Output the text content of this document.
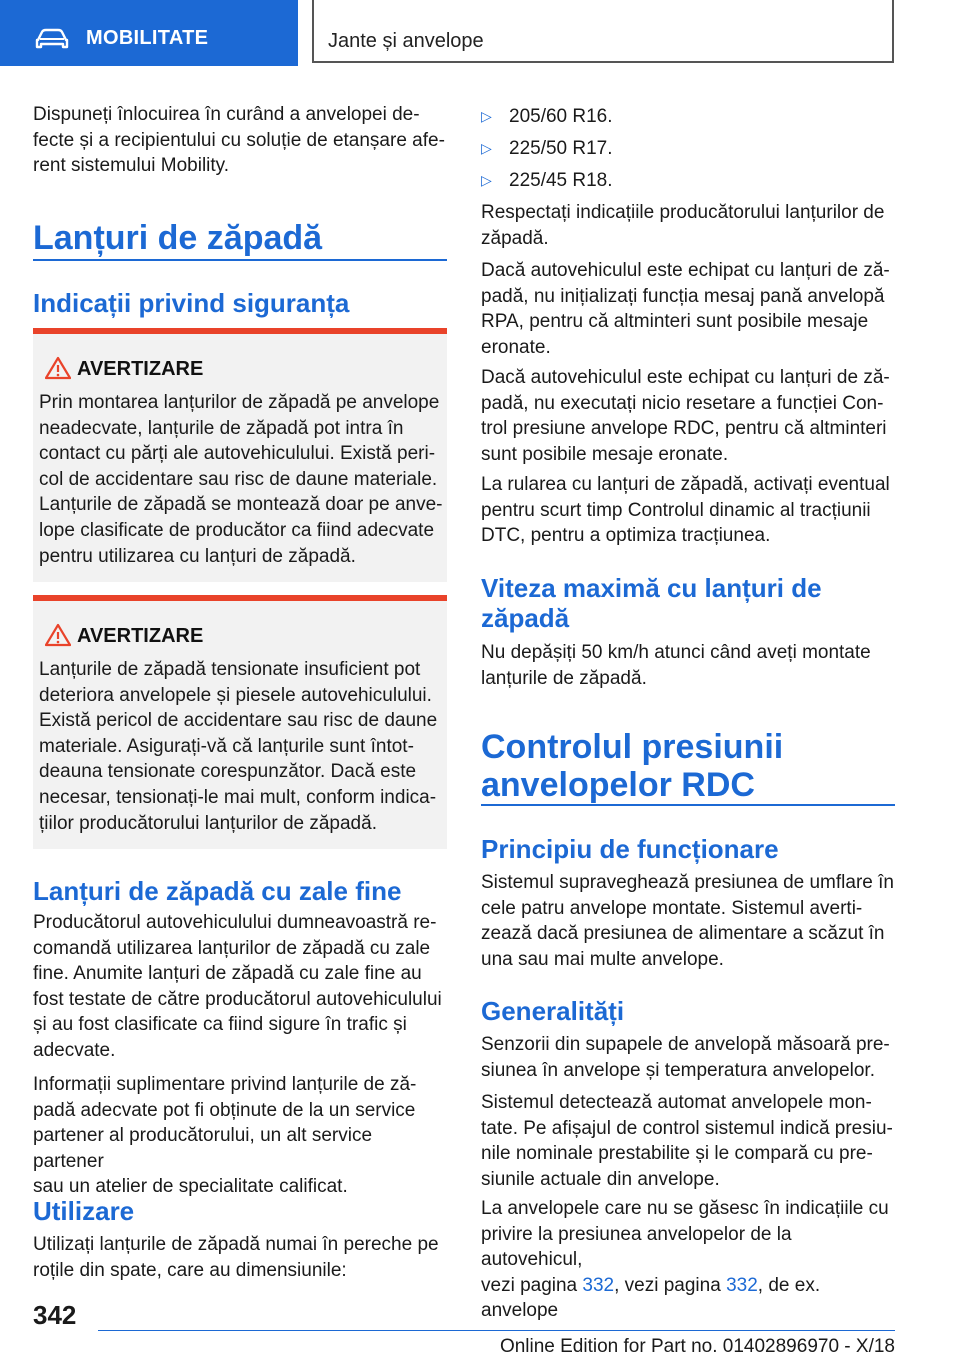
MOBILITATE	Jante și anvelope
Dispuneți înlocuirea în curând a anvelopei de-
fecte și a recipientului cu soluție de etanșare afe-
rent sistemului Mobility.
Lanțuri de zăpadă
Indicații privind siguranța
AVERTIZARE
Prin montarea lanțurilor de zăpadă pe anvelope
neadecvate, lanțurile de zăpadă pot intra în
contact cu părți ale autovehiculului. Există peri-
col de accidentare sau risc de daune materiale.
Lanțurile de zăpadă se montează doar pe anve-
lope clasificate de producător ca fiind adecvate
pentru utilizarea cu lanțuri de zăpadă.
AVERTIZARE
Lanțurile de zăpadă tensionate insuficient pot
deteriora anvelopele și piesele autovehiculului.
Există pericol de accidentare sau risc de daune
materiale. Asigurați-vă că lanțurile sunt întot-
deauna tensionate corespunzător. Dacă este
necesar, tensionați-le mai mult, conform indica-
țiilor producătorului lanțurilor de zăpadă.
Lanțuri de zăpadă cu zale fine
Producătorul autovehiculului dumneavoastră re-
comandă utilizarea lanțurilor de zăpadă cu zale
fine. Anumite lanțuri de zăpadă cu zale fine au
fost testate de către producătorul autovehiculului
și au fost clasificate ca fiind sigure în trafic și
adecvate.
Informații suplimentare privind lanțurile de ză-
padă adecvate pot fi obținute de la un service
partener al producătorului, un alt service partener
sau un atelier de specialitate calificat.
Utilizare
Utilizați lanțurile de zăpadă numai în pereche pe
roțile din spate, care au dimensiunile:
▷ 205/60 R16.
▷ 225/50 R17.
▷ 225/45 R18.
Respectați indicațiile producătorului lanțurilor de
zăpadă.
Dacă autovehiculul este echipat cu lanțuri de ză-
padă, nu inițializați funcția mesaj pană anvelopă
RPA, pentru că altminteri sunt posibile mesaje
eronate.
Dacă autovehiculul este echipat cu lanțuri de ză-
padă, nu executați nicio resetare a funcției Con-
trol presiune anvelope RDC, pentru că altminteri
sunt posibile mesaje eronate.
La rularea cu lanțuri de zăpadă, activați eventual
pentru scurt timp Controlul dinamic al tracțiunii
DTC, pentru a optimiza tracțiunea.
Viteza maximă cu lanțuri de
zăpadă
Nu depășiți 50 km/h atunci când aveți montate
lanțurile de zăpadă.
Controlul presiunii
anvelopelor RDC
Principiu de funcționare
Sistemul supraveghează presiunea de umflare în
cele patru anvelope montate. Sistemul averti-
zează dacă presiunea de alimentare a scăzut în
una sau mai multe anvelope.
Generalități
Senzorii din supapele de anvelopă măsoară pre-
siunea în anvelope și temperatura anvelopelor.
Sistemul detectează automat anvelopele mon-
tate. Pe afișajul de control sistemul indică presiu-
nile nominale prestabilite și le compară cu pre-
siunile actuale din anvelope.
La anvelopele care nu se găsesc în indicațiile cu
privire la presiunea anvelopelor de la autovehicul,
vezi pagina 332, vezi pagina 332, de ex. anvelope
342
Online Edition for Part no. 01402896970 - X/18
